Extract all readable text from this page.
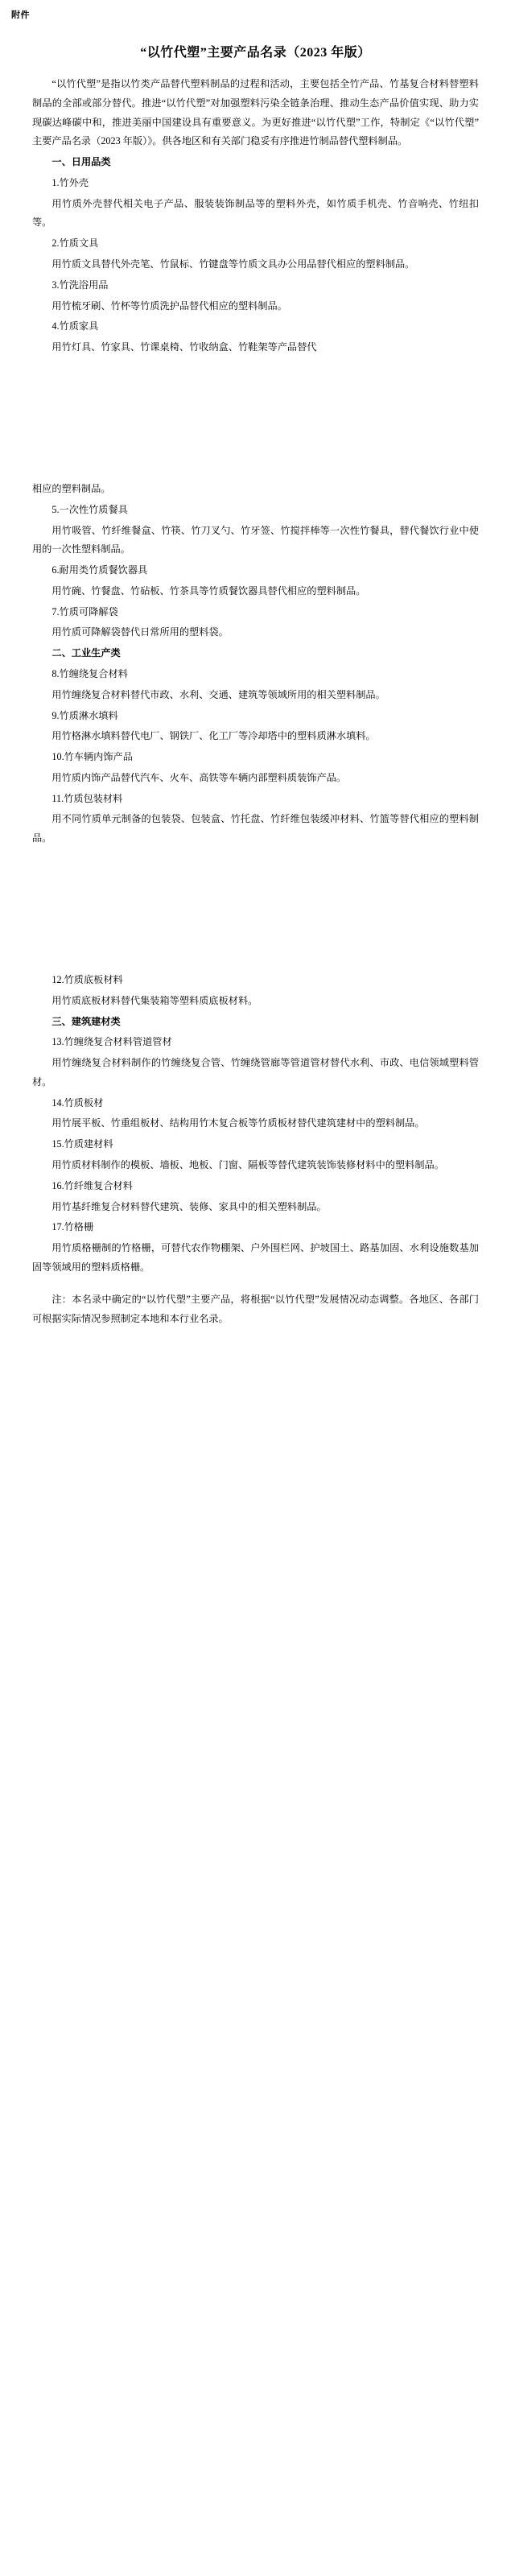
附件
“以竹代塑”主要产品名录（2023 年版）

“以竹代塑”是指以竹类产品替代塑料制品的过程和活动，主要包括全竹产品、竹基复合材料替塑料制品的全部或部分替代。推进“以竹代塑”对加强塑料污染全链条治理、推动生态产品价值实现、助力实现碳达峰碳中和，推进美丽中国建设具有重要意义。为更好推进“以竹代塑”工作，特制定《“以竹代塑”主要产品名录（2023 年版）》。供各地区和有关部门稳妥有序推进竹制品替代塑料制品。

一、日用品类

1.竹外壳

用竹质外壳替代相关电子产品、服装装饰制品等的塑料外壳，如竹质手机壳、竹音响壳、竹纽扣等。

2.竹质文具

用竹质文具替代外壳笔、竹鼠标、竹键盘等竹质文具办公用品替代相应的塑料制品。

3.竹洗浴用品

用竹梳牙刷、竹杯等竹质洗护品替代相应的塑料制品。

4.竹质家具

用竹灯具、竹家具、竹课桌椅、竹收纳盒、竹鞋架等产品替代

相应的塑料制品。

5.一次性竹质餐具

用竹吸管、竹纤维餐盒、竹筷、竹刀叉勺、竹牙签、竹搅拌棒等一次性竹餐具，替代餐饮行业中使用的一次性塑料制品。

6.耐用类竹质餐饮器具

用竹碗、竹餐盘、竹砧板、竹茶具等竹质餐饮器具替代相应的塑料制品。

7.竹质可降解袋

用竹质可降解袋替代日常所用的塑料袋。

二、工业生产类

8.竹缠绕复合材料

用竹缠绕复合材料替代市政、水利、交通、建筑等领域所用的相关塑料制品。

9.竹质淋水填料

用竹格淋水填料替代电厂、钢铁厂、化工厂等冷却塔中的塑料质淋水填料。

10.竹车辆内饰产品

用竹质内饰产品替代汽车、火车、高铁等车辆内部塑料质装饰产品。

11.竹质包装材料

用不同竹质单元制备的包装袋、包装盒、竹托盘、竹纤维包装缓冲材料、竹篮等替代相应的塑料制品。

12.竹质底板材料

用竹质底板材料替代集装箱等塑料质底板材料。

三、建筑建材类

13.竹缠绕复合材料管道管材

用竹缠绕复合材料制作的竹缠绕复合管、竹缠绕管廊等管道管材替代水利、市政、电信领域塑料管材。

14.竹质板材

用竹展平板、竹重组板材、结构用竹木复合板等竹质板材替代建筑建材中的塑料制品。

15.竹质建材料

用竹质材料制作的模板、墙板、地板、门窗、隔板等替代建筑装饰装修材料中的塑料制品。

16.竹纤维复合材料

用竹基纤维复合材料替代建筑、装修、家具中的相关塑料制品。

17.竹格栅

用竹质格栅制的竹格栅，可替代农作物棚架、户外围栏网、护坡国土、路基加固、水利设施数基加固等领域用的塑料质格栅。

注：本名录中确定的“以竹代塑”主要产品，将根据“以竹代塑”发展情况动态调整。各地区、各部门可根据实际情况参照制定本地和本行业名录。
